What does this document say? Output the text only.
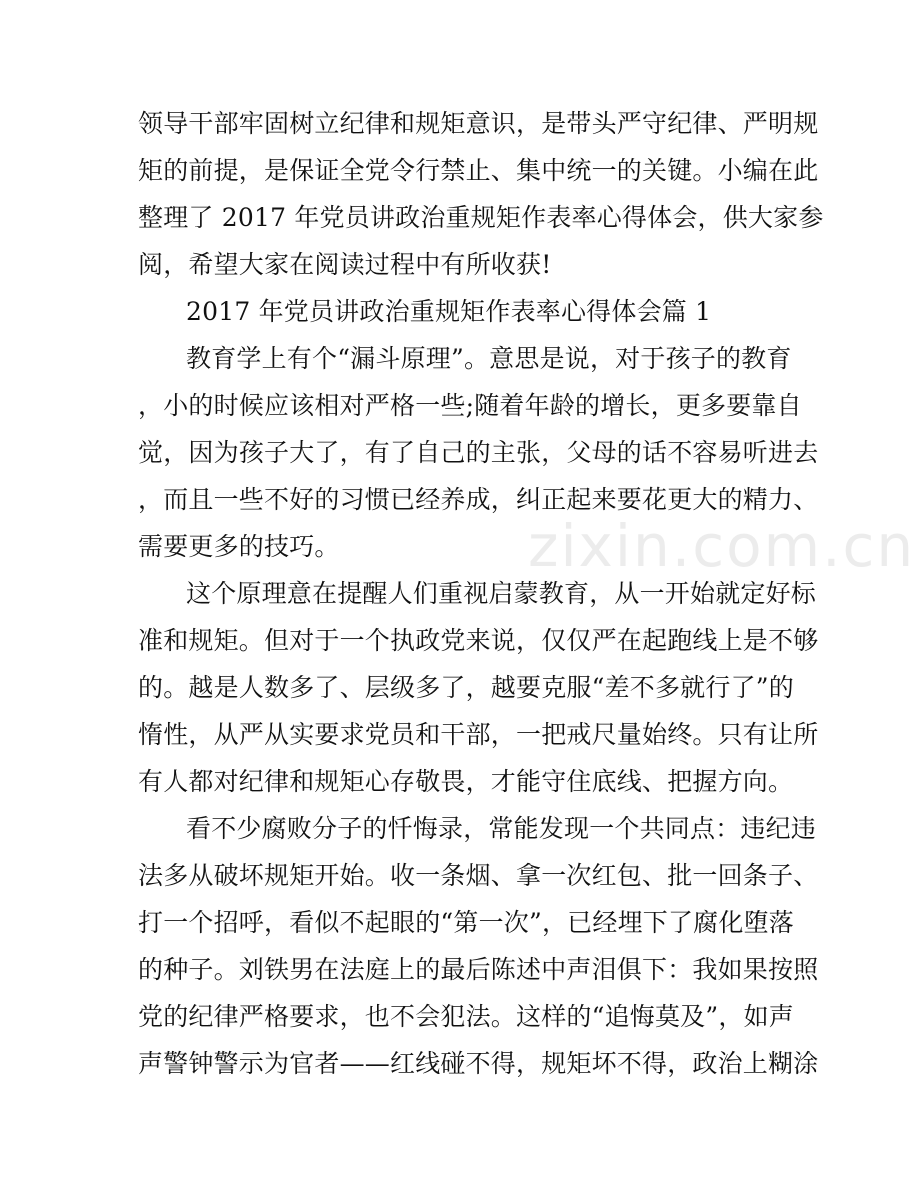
领导干部牢固树立纪律和规矩意识，是带头严守纪律、严明规
矩的前提，是保证全党令行禁止、集中统一的关键。小编在此
整理了 2017 年党员讲政治重规矩作表率心得体会，供大家参
阅，希望大家在阅读过程中有所收获!
2017 年党员讲政治重规矩作表率心得体会篇 1
教育学上有个“漏斗原理”。意思是说，对于孩子的教育
，小的时候应该相对严格一些;随着年龄的增长，更多要靠自
觉，因为孩子大了，有了自己的主张，父母的话不容易听进去
，而且一些不好的习惯已经养成，纠正起来要花更大的精力、
需要更多的技巧。
这个原理意在提醒人们重视启蒙教育，从一开始就定好标
准和规矩。但对于一个执政党来说，仅仅严在起跑线上是不够
的。越是人数多了、层级多了，越要克服“差不多就行了”的
惰性，从严从实要求党员和干部，一把戒尺量始终。只有让所
有人都对纪律和规矩心存敬畏，才能守住底线、把握方向。
看不少腐败分子的忏悔录，常能发现一个共同点：违纪违
法多从破坏规矩开始。收一条烟、拿一次红包、批一回条子、
打一个招呼，看似不起眼的“第一次”，已经埋下了腐化堕落
的种子。刘铁男在法庭上的最后陈述中声泪俱下：我如果按照
党的纪律严格要求，也不会犯法。这样的“追悔莫及”，如声
声警钟警示为官者——红线碰不得，规矩坏不得，政治上糊涂
zixin.com.cn
